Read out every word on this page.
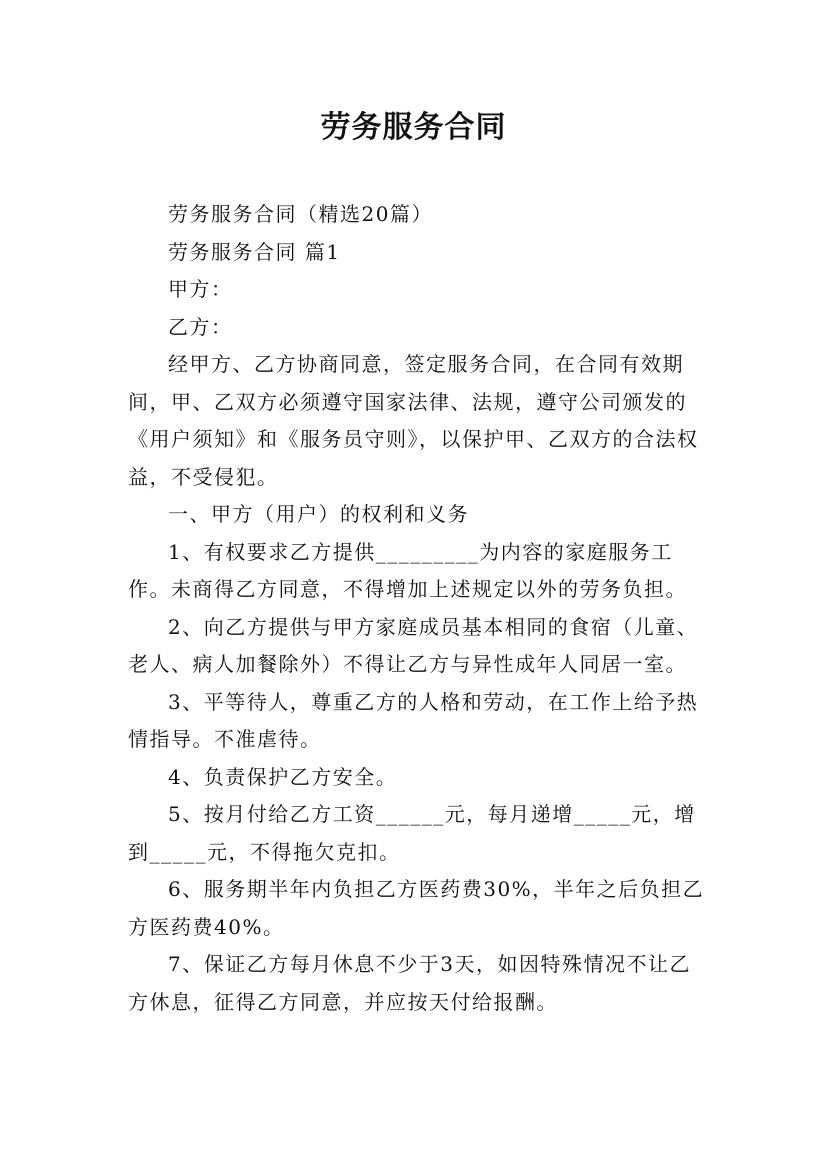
劳务服务合同

劳务服务合同（精选20篇）

劳务服务合同 篇1

甲方：

乙方：

经甲方、乙方协商同意，签定服务合同，在合同有效期间，甲、乙双方必须遵守国家法律、法规，遵守公司颁发的《用户须知》和《服务员守则》，以保护甲、乙双方的合法权益，不受侵犯。

一、甲方（用户）的权利和义务

1、有权要求乙方提供_________为内容的家庭服务工作。未商得乙方同意，不得增加上述规定以外的劳务负担。

2、向乙方提供与甲方家庭成员基本相同的食宿（儿童、老人、病人加餐除外）不得让乙方与异性成年人同居一室。

3、平等待人，尊重乙方的人格和劳动，在工作上给予热情指导。不准虐待。

4、负责保护乙方安全。

5、按月付给乙方工资______元，每月递增_____元，增到_____元，不得拖欠克扣。

6、服务期半年内负担乙方医药费30%，半年之后负担乙方医药费40%。

7、保证乙方每月休息不少于3天，如因特殊情况不让乙方休息，征得乙方同意，并应按天付给报酬。
